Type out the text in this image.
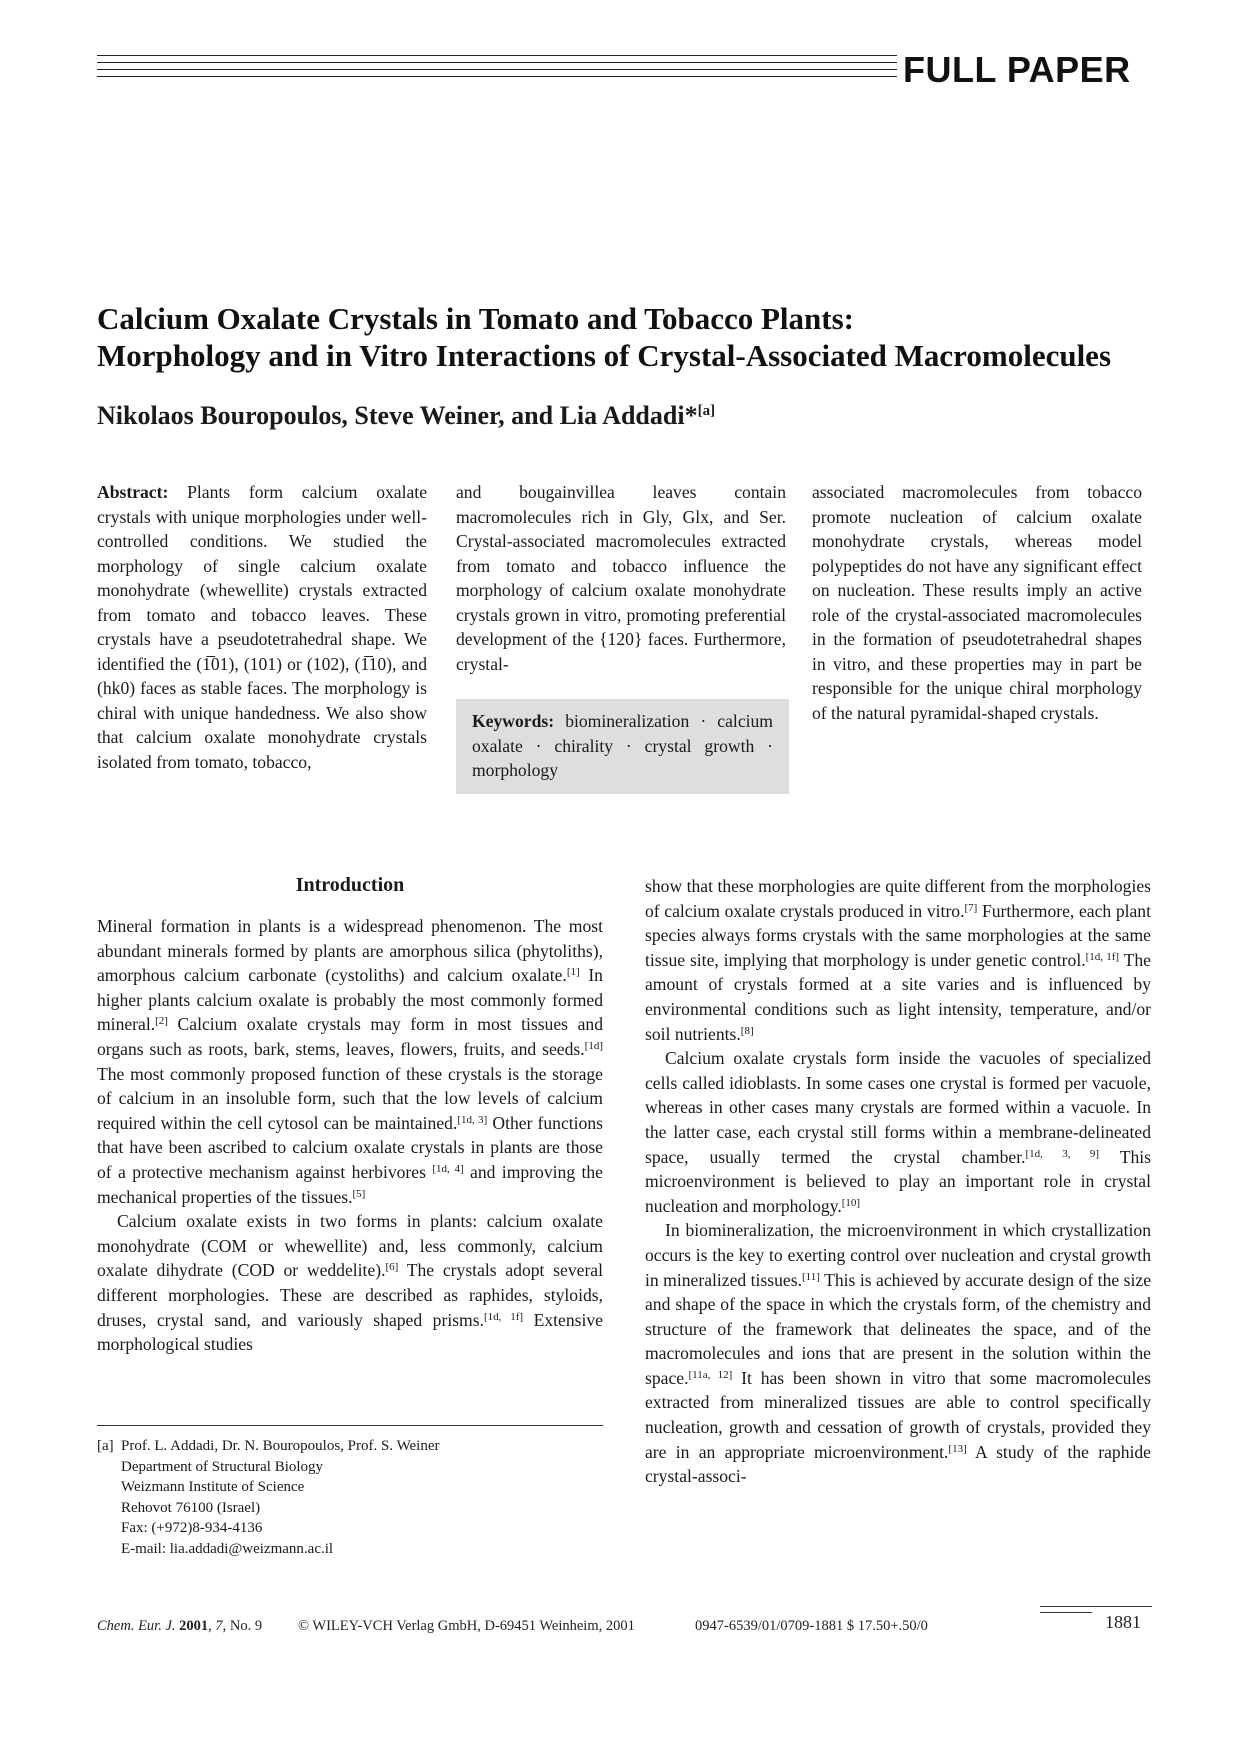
FULL PAPER
Calcium Oxalate Crystals in Tomato and Tobacco Plants:
Morphology and in Vitro Interactions of Crystal-Associated Macromolecules
Nikolaos Bouropoulos, Steve Weiner, and Lia Addadi*[a]

Abstract: Plants form calcium oxalate crystals with unique morphologies under well-controlled conditions. We studied the morphology of single calcium oxalate monohydrate (whewellite) crystals extracted from tomato and tobacco leaves. These crystals have a pseudotetrahedral shape. We identified the (1̅01), (101) or (102), (1̅10), and (hk0) faces as stable faces. The morphology is chiral with unique handedness. We also show that calcium oxalate monohydrate crystals isolated from tomato, tobacco,

and bougainvillea leaves contain macromolecules rich in Gly, Glx, and Ser. Crystal-associated macromolecules extracted from tomato and tobacco influence the morphology of calcium oxalate monohydrate crystals grown in vitro, promoting preferential development of the {120} faces. Furthermore, crystal-

associated macromolecules from tobacco promote nucleation of calcium oxalate monohydrate crystals, whereas model polypeptides do not have any significant effect on nucleation. These results imply an active role of the crystal-associated macromolecules in the formation of pseudotetrahedral shapes in vitro, and these properties may in part be responsible for the unique chiral morphology of the natural pyramidal-shaped crystals.

Keywords: biomineralization · calcium oxalate · chirality · crystal growth · morphology
Introduction

Mineral formation in plants is a widespread phenomenon. The most abundant minerals formed by plants are amorphous silica (phytoliths), amorphous calcium carbonate (cystoliths) and calcium oxalate.[1] In higher plants calcium oxalate is probably the most commonly formed mineral.[2] Calcium oxalate crystals may form in most tissues and organs such as roots, bark, stems, leaves, flowers, fruits, and seeds.[1d] The most commonly proposed function of these crystals is the storage of calcium in an insoluble form, such that the low levels of calcium required within the cell cytosol can be maintained.[1d, 3] Other functions that have been ascribed to calcium oxalate crystals in plants are those of a protective mechanism against herbivores [1d, 4] and improving the mechanical properties of the tissues.[5]

Calcium oxalate exists in two forms in plants: calcium oxalate monohydrate (COM or whewellite) and, less commonly, calcium oxalate dihydrate (COD or weddelite).[6] The crystals adopt several different morphologies. These are described as raphides, styloids, druses, crystal sand, and variously shaped prisms.[1d, 1f] Extensive morphological studies

[a] Prof. L. Addadi, Dr. N. Bouropoulos, Prof. S. Weiner
Department of Structural Biology
Weizmann Institute of Science
Rehovot 76100 (Israel)
Fax: (+972)8-934-4136
E-mail: lia.addadi@weizmann.ac.il

show that these morphologies are quite different from the morphologies of calcium oxalate crystals produced in vitro.[7] Furthermore, each plant species always forms crystals with the same morphologies at the same tissue site, implying that morphology is under genetic control.[1d, 1f] The amount of crystals formed at a site varies and is influenced by environmental conditions such as light intensity, temperature, and/or soil nutrients.[8]

Calcium oxalate crystals form inside the vacuoles of specialized cells called idioblasts. In some cases one crystal is formed per vacuole, whereas in other cases many crystals are formed within a vacuole. In the latter case, each crystal still forms within a membrane-delineated space, usually termed the crystal chamber.[1d, 3, 9] This microenvironment is believed to play an important role in crystal nucleation and morphology.[10]

In biomineralization, the microenvironment in which crystallization occurs is the key to exerting control over nucleation and crystal growth in mineralized tissues.[11] This is achieved by accurate design of the size and shape of the space in which the crystals form, of the chemistry and structure of the framework that delineates the space, and of the macromolecules and ions that are present in the solution within the space.[11a, 12] It has been shown in vitro that some macromolecules extracted from mineralized tissues are able to control specifically nucleation, growth and cessation of growth of crystals, provided they are in an appropriate microenvironment.[13] A study of the raphide crystal-associ-

Chem. Eur. J. 2001, 7, No. 9 © WILEY-VCH Verlag GmbH, D-69451 Weinheim, 2001	0947-6539/01/0709-1881 $ 17.50+.50/0	1881
